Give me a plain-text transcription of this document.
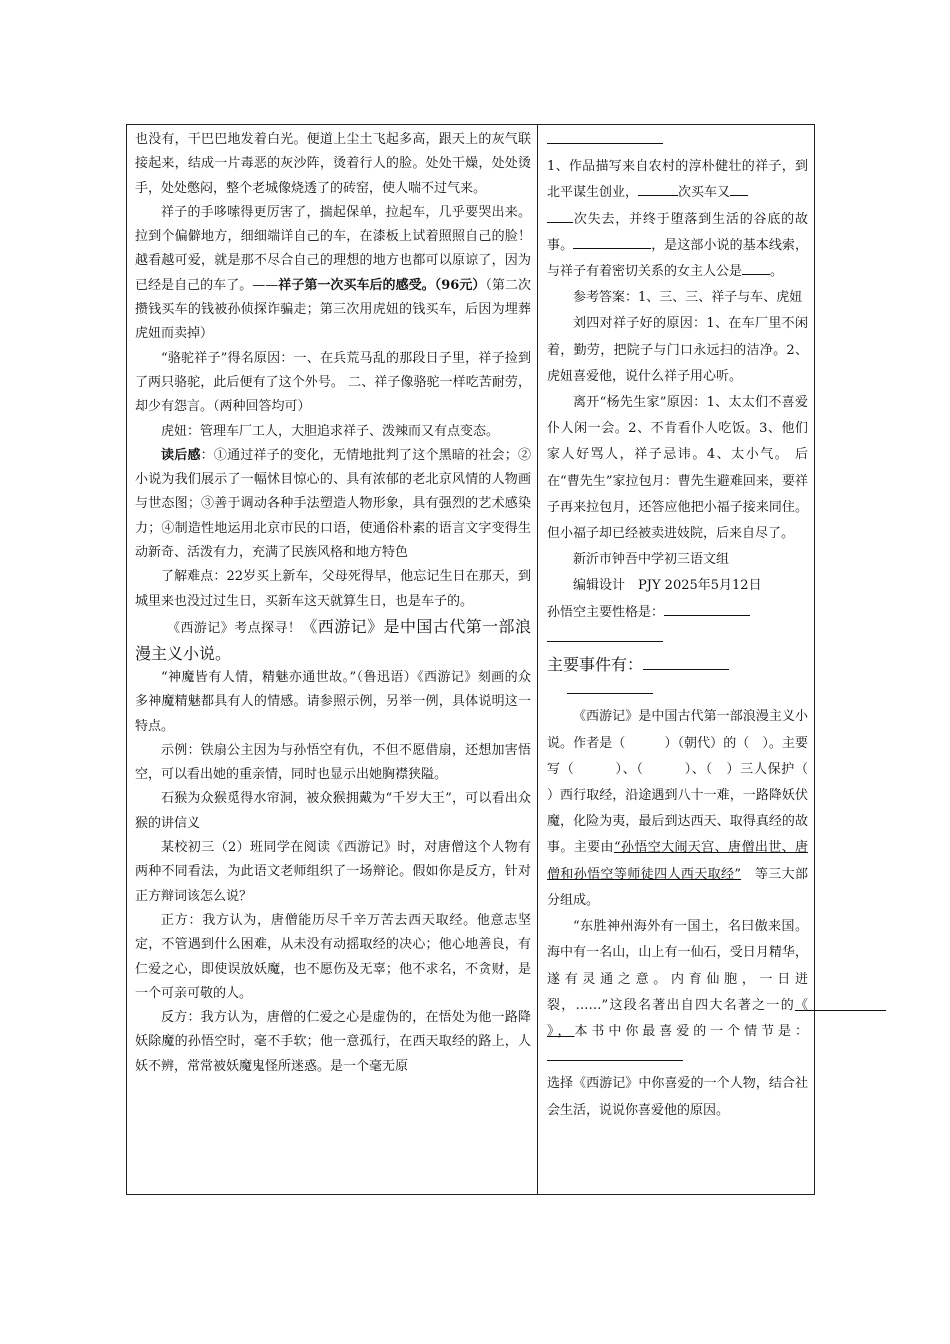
也没有，干巴巴地发着白光。便道上尘土飞起多高，跟天上的灰气联接起来，结成一片毒恶的灰沙阵，烫着行人的脸。处处干燥，处处烫手，处处憋闷，整个老城像烧透了的砖窑，使人喘不过气来。

祥子的手哆嗦得更厉害了，揣起保单，拉起车，几乎要哭出来。拉到个偏僻地方，细细端详自己的车，在漆板上试着照照自己的脸！越看越可爱，就是那不尽合自己的理想的地方也都可以原谅了，因为已经是自己的车了。——祥子第一次买车后的感受。（96元）（第二次攒钱买车的钱被孙侦探诈骗走；第三次用虎妞的钱买车，后因为埋葬虎妞而卖掉）

“骆驼祥子”得名原因：一、在兵荒马乱的那段日子里，祥子捡到了两只骆驼，此后便有了这个外号。 二、祥子像骆驼一样吃苦耐劳，却少有怨言。（两种回答均可）

虎妞：管理车厂工人，大胆追求祥子、泼辣而又有点变态。

读后感：①通过祥子的变化，无情地批判了这个黑暗的社会；②小说为我们展示了一幅怵目惊心的、具有浓郁的老北京风情的人物画与世态图；③善于调动各种手法塑造人物形象，具有强烈的艺术感染力；④制造性地运用北京市民的口语，使通俗朴素的语言文字变得生动新奇、活泼有力，充满了民族风格和地方特色

了解难点：22岁买上新车，父母死得早，他忘记生日在那天，到城里来也没过过生日，买新车这天就算生日，也是车子的。

《西游记》考点探寻！《西游记》是中国古代第一部浪漫主义小说。

“神魔皆有人情，精魅亦通世故。”（鲁迅语）《西游记》刻画的众多神魔精魅都具有人的情感。请参照示例，另举一例，具体说明这一特点。

示例：铁扇公主因为与孙悟空有仇，不但不愿借扇，还想加害悟空，可以看出她的重亲情，同时也显示出她胸襟狭隘。

石猴为众猴觅得水帘洞，被众猴拥戴为“千岁大王”，可以看出众猴的讲信义

某校初三（2）班同学在阅读《西游记》时，对唐僧这个人物有两种不同看法，为此语文老师组织了一场辩论。假如你是反方，针对正方辩词该怎么说？

正方：我方认为，唐僧能历尽千辛万苦去西天取经。他意志坚定，不管遇到什么困难，从未没有动摇取经的决心；他心地善良，有仁爱之心，即使误放妖魔，也不愿伤及无辜；他不求名，不贪财，是一个可亲可敬的人。

反方：我方认为，唐僧的仁爱之心是虚伪的，在悟处为他一路降妖除魔的孙悟空时，毫不手软；他一意孤行，在西天取经的路上，人妖不辨，常常被妖魔鬼怪所迷惑。是一个毫无原

1、作品描写来自农村的淳朴健壮的祥子，到北平谋生创业，	次买车又
次失去，并终于堕落到生活的谷底的故事。	，是这部小说的基本线索，与祥子有着密切关系的女主人公是 。

参考答案：1、三、三、祥子与车、虎妞

刘四对祥子好的原因：1、在车厂里不闲着，勤劳，把院子与门口永远扫的洁净。2、虎妞喜爱他，说什么祥子用心听。

离开“杨先生家”原因：1、太太们不喜爱仆人闲一会。2、不肯看仆人吃饭。3、他们家人好骂人，祥子忌讳。4、太小气。 后在“曹先生”家拉包月：曹先生避难回来，要祥子再来拉包月，还答应他把小福子接来同住。但小福子却已经被卖进妓院，后来自尽了。

新沂市钟吾中学初三语文组

编辑设计　PJY 2025年5月12日

孙悟空主要性格是：

主要事件有：

《西游记》是中国古代第一部浪漫主义小说。作者是（　　　）（朝代）的（　）。主要写（　　　）、（　　　）、（　）三人保护（　　）西行取经，沿途遇到八十一难，一路降妖伏魔，化险为夷，最后到达西天、取得真经的故事。主要由“孙悟空大闹天宫、唐僧出世、唐僧和孙悟空等师徒四人西天取经”　等三大部分组成。

“东胜神州海外有一国土，名曰傲来国。海中有一名山，山上有一仙石，受日月精华，遂有灵通之意。内育仙胞，一日迸裂，……”这段名著出自四大名著之一的《　　　　　　》，本书中你最喜爱的一个情节是：

选择《西游记》中你喜爱的一个人物，结合社会生活，说说你喜爱他的原因。
